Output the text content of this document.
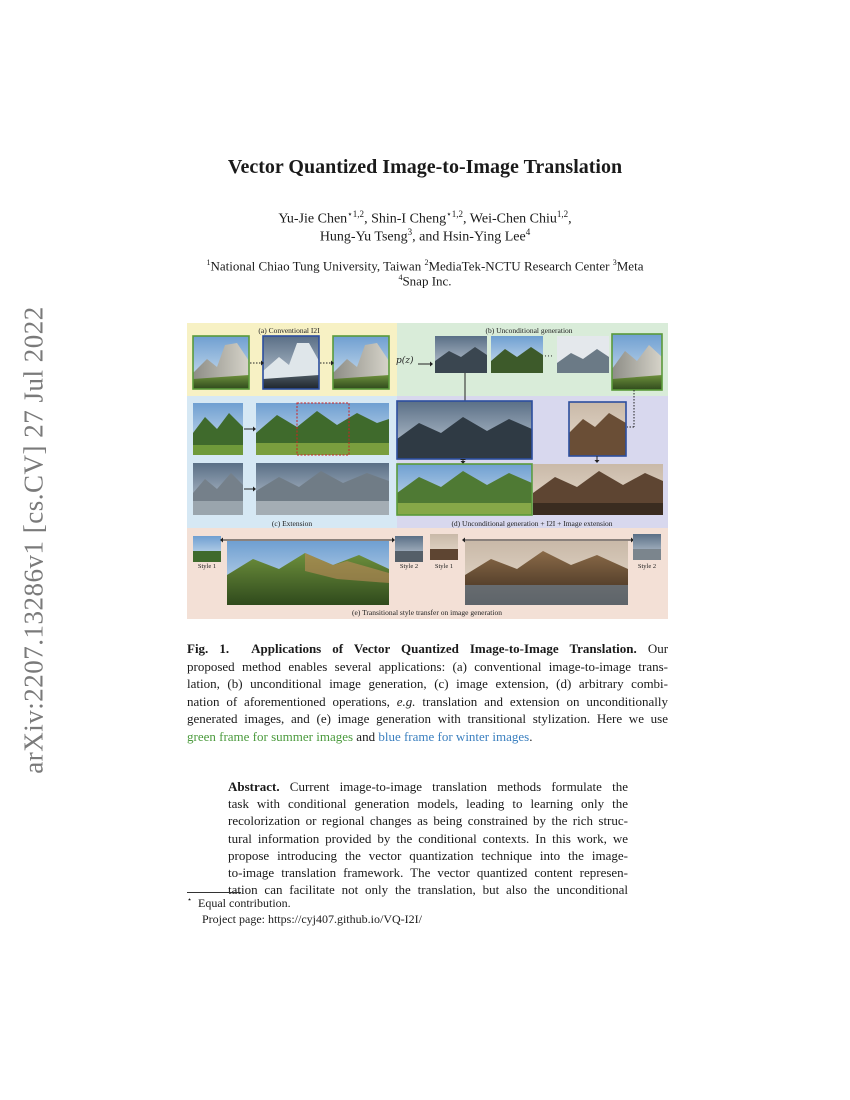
arXiv:2207.13286v1 [cs.CV] 27 Jul 2022
Vector Quantized Image-to-Image Translation
Yu-Jie Chen$^{⋆1,2}$, Shin-I Cheng$^{⋆1,2}$, Wei-Chen Chiu$^{1,2}$,
Hung-Yu Tseng$^3$, and Hsin-Ying Lee$^4$
$^1$National Chiao Tung University, Taiwan $^2$MediaTek-NCTU Research Center $^3$Meta
$^4$Snap Inc.
(a) Conventional I2I	(b) Unconditional generation
p(z)	···
(c) Extension	(d) Unconditional generation + I2I + Image extension
Style 1	Style 2	Style 1	Style 2
(e) Transitional style transfer on image generation
Fig. 1. Applications of Vector Quantized Image-to-Image Translation. Our
proposed method enables several applications: (a) conventional image-to-image trans-
lation, (b) unconditional image generation, (c) image extension, (d) arbitrary combi-
nation of aforementioned operations, e.g. translation and extension on unconditionally
generated images, and (e) image generation with transitional stylization. Here we use
green frame for summer images and blue frame for winter images.
Abstract. Current image-to-image translation methods formulate the
task with conditional generation models, leading to learning only the
recolorization or regional changes as being constrained by the rich struc-
tural information provided by the conditional contexts. In this work, we
propose introducing the vector quantization technique into the image-
to-image translation framework. The vector quantized content represen-
tation can facilitate not only the translation, but also the unconditional
⋆ Equal contribution.
Project page: https://cyj407.github.io/VQ-I2I/
